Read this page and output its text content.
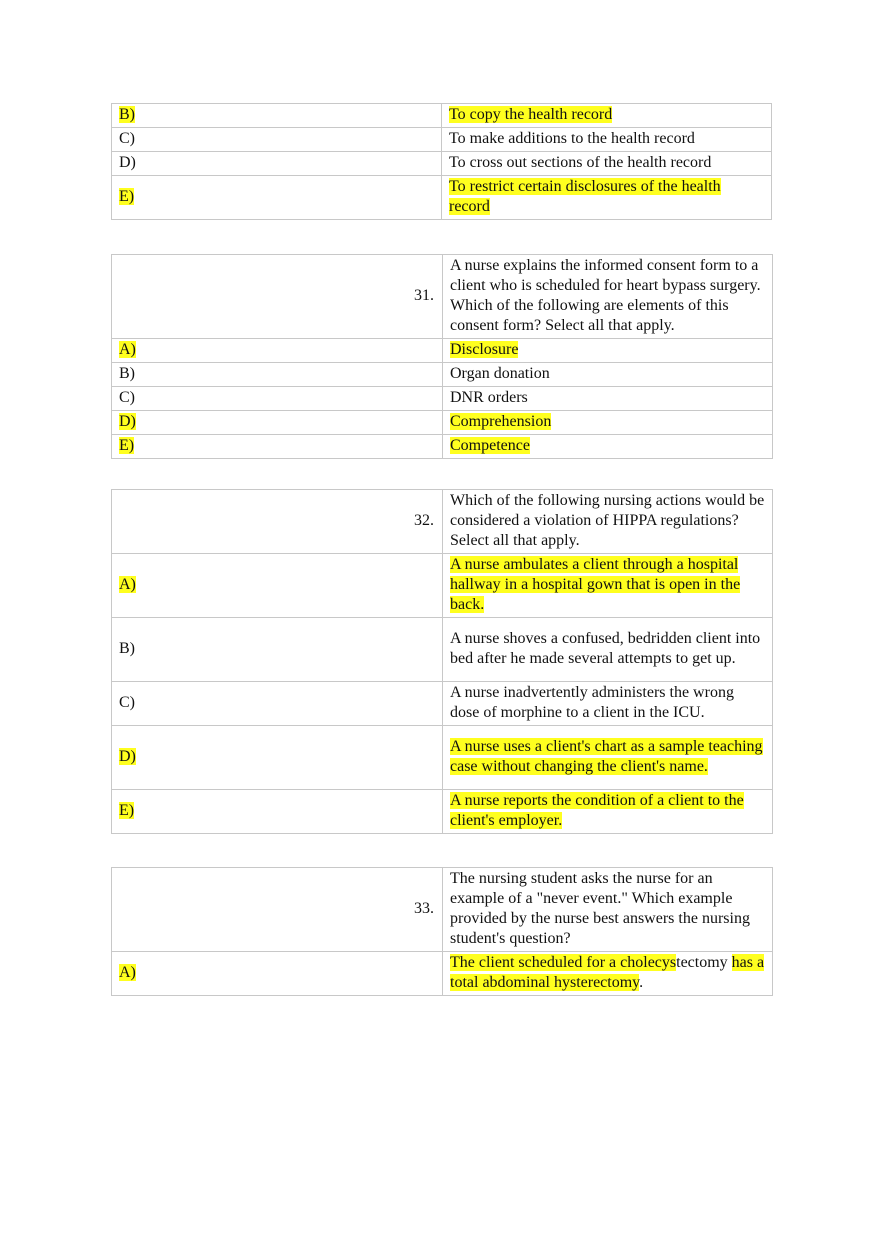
B)	To copy the health record
C)	To make additions to the health record
D)	To cross out sections of the health record
E)	To restrict certain disclosures of the health record
31.	A nurse explains the informed consent form to a client who is scheduled for heart bypass surgery. Which of the following are elements of this consent form? Select all that apply.
A)	Disclosure
B)	Organ donation
C)	DNR orders
D)	Comprehension
E)	Competence
32.	Which of the following nursing actions would be considered a violation of HIPPA regulations? Select all that apply.
A)	A nurse ambulates a client through a hospital hallway in a hospital gown that is open in the back.
B)	A nurse shoves a confused, bedridden client into bed after he made several attempts to get up.
C)	A nurse inadvertently administers the wrong dose of morphine to a client in the ICU.
D)	A nurse uses a client's chart as a sample teaching case without changing the client's name.
E)	A nurse reports the condition of a client to the client's employer.
33.	The nursing student asks the nurse for an example of a "never event." Which example provided by the nurse best answers the nursing student's question?
A)	The client scheduled for a cholecystectomy has a total abdominal hysterectomy.
